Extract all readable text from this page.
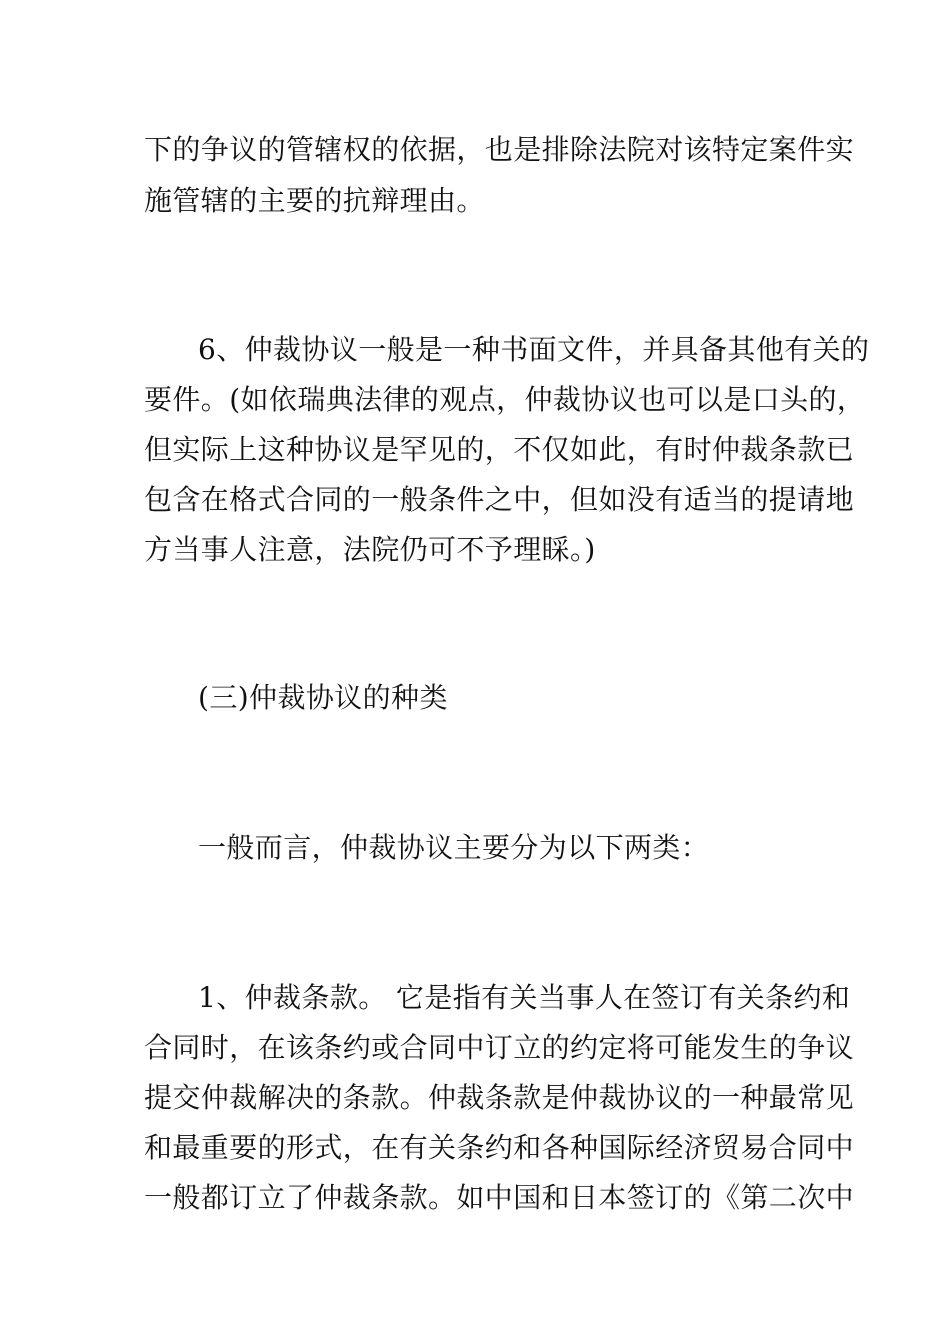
下的争议的管辖权的依据，也是排除法院对该特定案件实
施管辖的主要的抗辩理由。
6、仲裁协议一般是一种书面文件，并具备其他有关的
要件。(如依瑞典法律的观点，仲裁协议也可以是口头的，
但实际上这种协议是罕见的，不仅如此，有时仲裁条款已
包含在格式合同的一般条件之中，但如没有适当的提请地
方当事人注意，法院仍可不予理睬。)
(三)仲裁协议的种类
一般而言，仲裁协议主要分为以下两类：
1、仲裁条款。 它是指有关当事人在签订有关条约和
合同时，在该条约或合同中订立的约定将可能发生的争议
提交仲裁解决的条款。仲裁条款是仲裁协议的一种最常见
和最重要的形式，在有关条约和各种国际经济贸易合同中
一般都订立了仲裁条款。如中国和日本签订的《第二次中
